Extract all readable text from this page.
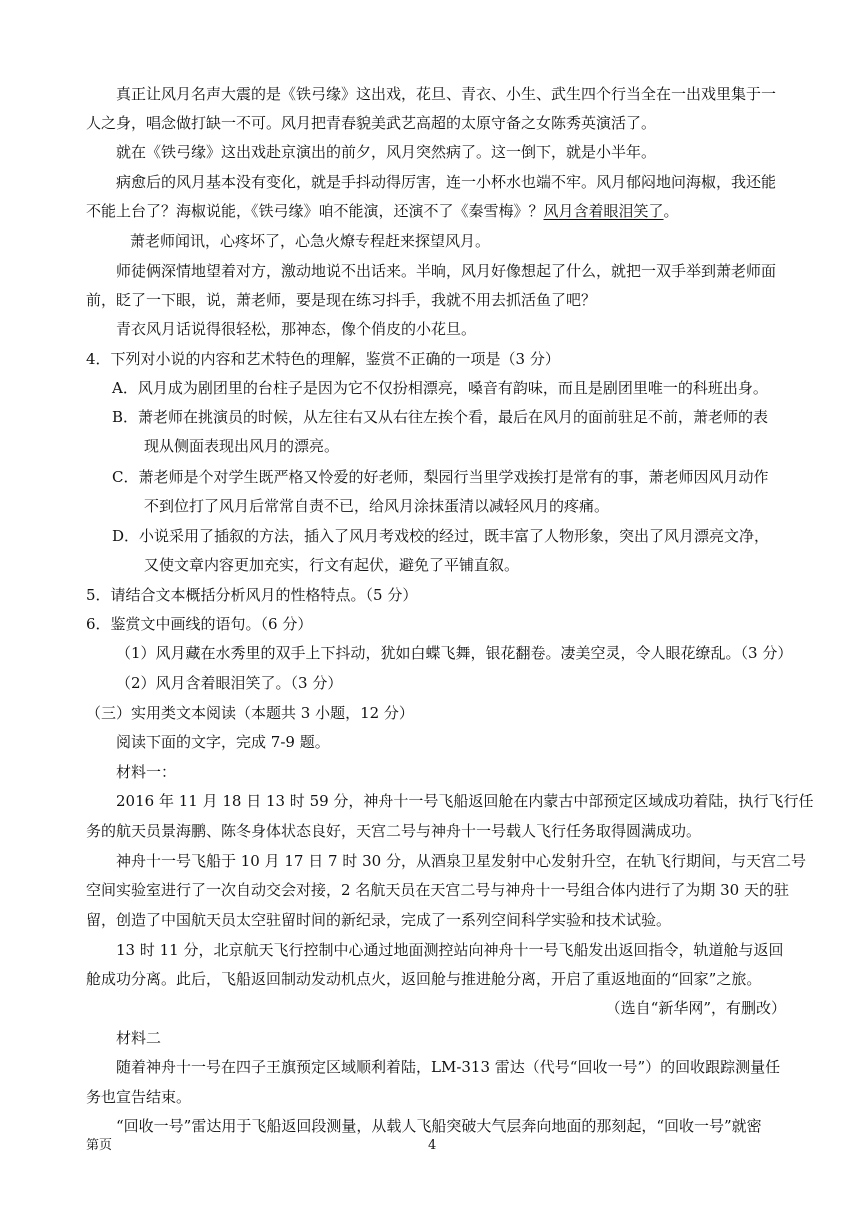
真正让风月名声大震的是《铁弓缘》这出戏，花旦、青衣、小生、武生四个行当全在一出戏里集于一
人之身，唱念做打缺一不可。风月把青春貌美武艺高超的太原守备之女陈秀英演活了。
就在《铁弓缘》这出戏赴京演出的前夕，风月突然病了。这一倒下，就是小半年。
病愈后的风月基本没有变化，就是手抖动得厉害，连一小杯水也端不牢。风月郁闷地问海椒，我还能
不能上台了？海椒说能，《铁弓缘》咱不能演，还演不了《秦雪梅》？风月含着眼泪笑了。
萧老师闻讯，心疼坏了，心急火燎专程赶来探望风月。
师徒俩深情地望着对方，激动地说不出话来。半晌，风月好像想起了什么，就把一双手举到萧老师面
前，眨了一下眼，说，萧老师，要是现在练习抖手，我就不用去抓活鱼了吧？
青衣风月话说得很轻松，那神态，像个俏皮的小花旦。
4．下列对小说的内容和艺术特色的理解，鉴赏不正确的一项是（3 分）
A．风月成为剧团里的台柱子是因为它不仅扮相漂亮，嗓音有韵味，而且是剧团里唯一的科班出身。
B．萧老师在挑演员的时候，从左往右又从右往左挨个看，最后在风月的面前驻足不前，萧老师的表
现从侧面表现出风月的漂亮。
C．萧老师是个对学生既严格又怜爱的好老师，梨园行当里学戏挨打是常有的事，萧老师因风月动作
不到位打了风月后常常自责不已，给风月涂抹蛋清以减轻风月的疼痛。
D．小说采用了插叙的方法，插入了风月考戏校的经过，既丰富了人物形象，突出了风月漂亮文净，
又使文章内容更加充实，行文有起伏，避免了平铺直叙。
5．请结合文本概括分析风月的性格特点。（5 分）
6．鉴赏文中画线的语句。（6 分）
（1）风月藏在水秀里的双手上下抖动，犹如白蝶飞舞，银花翻卷。凄美空灵，令人眼花缭乱。（3 分）
（2）风月含着眼泪笑了。（3 分）
（三）实用类文本阅读（本题共 3 小题，12 分）
阅读下面的文字，完成 7-9 题。
材料一：
2016 年 11 月 18 日 13 时 59 分，神舟十一号飞船返回舱在内蒙古中部预定区域成功着陆，执行飞行任
务的航天员景海鹏、陈冬身体状态良好，天宫二号与神舟十一号载人飞行任务取得圆满成功。
神舟十一号飞船于 10 月 17 日 7 时 30 分，从酒泉卫星发射中心发射升空，在轨飞行期间，与天宫二号
空间实验室进行了一次自动交会对接，2 名航天员在天宫二号与神舟十一号组合体内进行了为期 30 天的驻
留，创造了中国航天员太空驻留时间的新纪录，完成了一系列空间科学实验和技术试验。
13 时 11 分，北京航天飞行控制中心通过地面测控站向神舟十一号飞船发出返回指令，轨道舱与返回
舱成功分离。此后，飞船返回制动发动机点火，返回舱与推进舱分离，开启了重返地面的“回家”之旅。
（选自“新华网”，有删改）
材料二
随着神舟十一号在四子王旗预定区域顺利着陆，LM-313 雷达（代号“回收一号”）的回收跟踪测量任
务也宣告结束。
“回收一号”雷达用于飞船返回段测量，从载人飞船突破大气层奔向地面的那刻起，“回收一号”就密
第页	4
